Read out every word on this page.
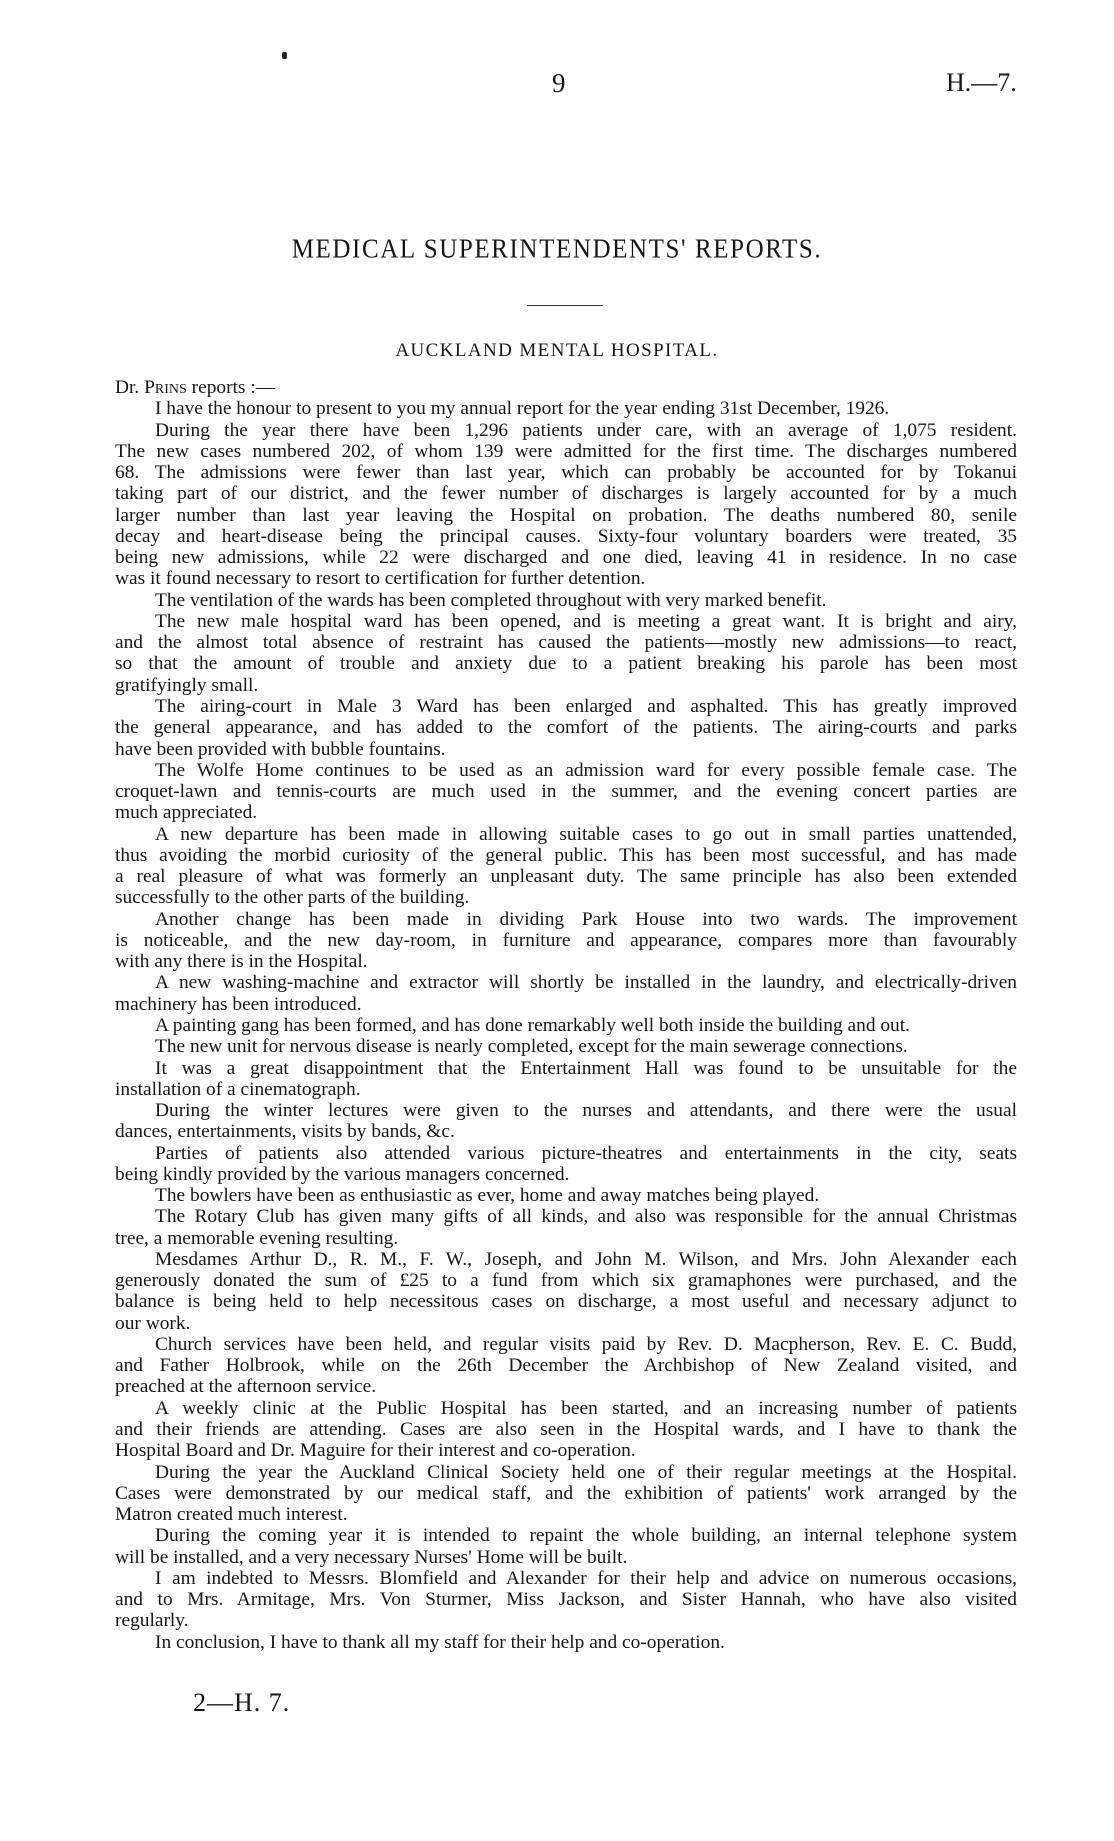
9	H.—7.
MEDICAL SUPERINTENDENTS' REPORTS.
AUCKLAND MENTAL HOSPITAL.
Dr. Prins reports :—
I have the honour to present to you my annual report for the year ending 31st December, 1926.
During the year there have been 1,296 patients under care, with an average of 1,075 resident.
The new cases numbered 202, of whom 139 were admitted for the first time. The discharges numbered
68. The admissions were fewer than last year, which can probably be accounted for by Tokanui
taking part of our district, and the fewer number of discharges is largely accounted for by a much
larger number than last year leaving the Hospital on probation. The deaths numbered 80, senile
decay and heart-disease being the principal causes. Sixty-four voluntary boarders were treated, 35
being new admissions, while 22 were discharged and one died, leaving 41 in residence. In no case
was it found necessary to resort to certification for further detention.
The ventilation of the wards has been completed throughout with very marked benefit.
The new male hospital ward has been opened, and is meeting a great want. It is bright and airy,
and the almost total absence of restraint has caused the patients—mostly new admissions—to react,
so that the amount of trouble and anxiety due to a patient breaking his parole has been most
gratifyingly small.
The airing-court in Male 3 Ward has been enlarged and asphalted. This has greatly improved
the general appearance, and has added to the comfort of the patients. The airing-courts and parks
have been provided with bubble fountains.
The Wolfe Home continues to be used as an admission ward for every possible female case. The
croquet-lawn and tennis-courts are much used in the summer, and the evening concert parties are
much appreciated.
A new departure has been made in allowing suitable cases to go out in small parties unattended,
thus avoiding the morbid curiosity of the general public. This has been most successful, and has made
a real pleasure of what was formerly an unpleasant duty. The same principle has also been extended
successfully to the other parts of the building.
Another change has been made in dividing Park House into two wards. The improvement
is noticeable, and the new day-room, in furniture and appearance, compares more than favourably
with any there is in the Hospital.
A new washing-machine and extractor will shortly be installed in the laundry, and electrically-driven
machinery has been introduced.
A painting gang has been formed, and has done remarkably well both inside the building and out.
The new unit for nervous disease is nearly completed, except for the main sewerage connections.
It was a great disappointment that the Entertainment Hall was found to be unsuitable for the
installation of a cinematograph.
During the winter lectures were given to the nurses and attendants, and there were the usual
dances, entertainments, visits by bands, &c.
Parties of patients also attended various picture-theatres and entertainments in the city, seats
being kindly provided by the various managers concerned.
The bowlers have been as enthusiastic as ever, home and away matches being played.
The Rotary Club has given many gifts of all kinds, and also was responsible for the annual Christmas
tree, a memorable evening resulting.
Mesdames Arthur D., R. M., F. W., Joseph, and John M. Wilson, and Mrs. John Alexander each
generously donated the sum of £25 to a fund from which six gramaphones were purchased, and the
balance is being held to help necessitous cases on discharge, a most useful and necessary adjunct to
our work.
Church services have been held, and regular visits paid by Rev. D. Macpherson, Rev. E. C. Budd,
and Father Holbrook, while on the 26th December the Archbishop of New Zealand visited, and
preached at the afternoon service.
A weekly clinic at the Public Hospital has been started, and an increasing number of patients
and their friends are attending. Cases are also seen in the Hospital wards, and I have to thank the
Hospital Board and Dr. Maguire for their interest and co-operation.
During the year the Auckland Clinical Society held one of their regular meetings at the Hospital.
Cases were demonstrated by our medical staff, and the exhibition of patients' work arranged by the
Matron created much interest.
During the coming year it is intended to repaint the whole building, an internal telephone system
will be installed, and a very necessary Nurses' Home will be built.
I am indebted to Messrs. Blomfield and Alexander for their help and advice on numerous occasions,
and to Mrs. Armitage, Mrs. Von Sturmer, Miss Jackson, and Sister Hannah, who have also visited
regularly.
In conclusion, I have to thank all my staff for their help and co-operation.
2—H. 7.
